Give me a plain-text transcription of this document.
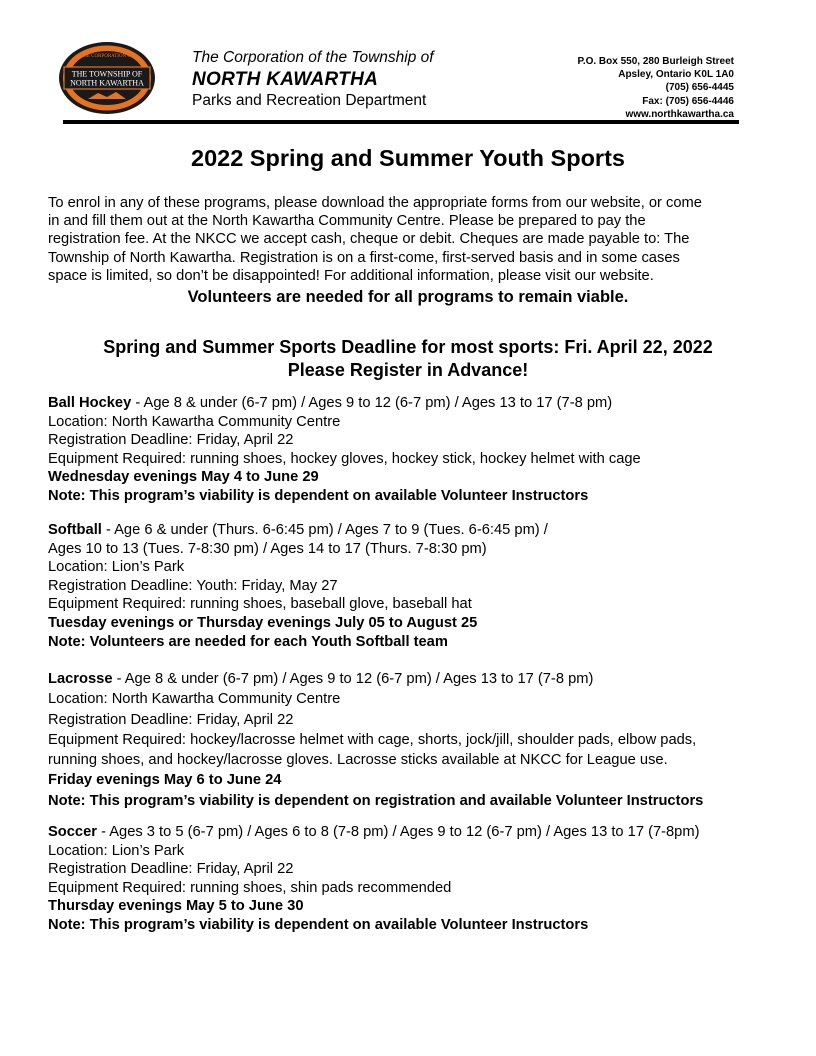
THE CORPORATION OF
THE TOWNSHIP OF
NORTH KAWARTHA
The Corporation of the Township of
NORTH KAWARTHA
Parks and Recreation Department
P.O. Box 550, 280 Burleigh Street
Apsley, Ontario K0L 1A0
(705) 656-4445
Fax: (705) 656-4446
www.northkawartha.ca
2022 Spring and Summer Youth Sports
To enrol in any of these programs, please download the appropriate forms from our website, or come
in and fill them out at the North Kawartha Community Centre. Please be prepared to pay the
registration fee. At the NKCC we accept cash, cheque or debit. Cheques are made payable to: The
Township of North Kawartha. Registration is on a first-come, first-served basis and in some cases
space is limited, so don’t be disappointed! For additional information, please visit our website.
Volunteers are needed for all programs to remain viable.
Spring and Summer Sports Deadline for most sports: Fri. April 22, 2022
Please Register in Advance!
Ball Hockey - Age 8 & under (6-7 pm) / Ages 9 to 12 (6-7 pm) / Ages 13 to 17 (7-8 pm)
Location: North Kawartha Community Centre
Registration Deadline: Friday, April 22
Equipment Required: running shoes, hockey gloves, hockey stick, hockey helmet with cage
Wednesday evenings May 4 to June 29
Note: This program’s viability is dependent on available Volunteer Instructors
Softball - Age 6 & under (Thurs. 6-6:45 pm) / Ages 7 to 9 (Tues. 6-6:45 pm) /
Ages 10 to 13 (Tues. 7-8:30 pm) / Ages 14 to 17 (Thurs. 7-8:30 pm)
Location: Lion’s Park
Registration Deadline: Youth: Friday, May 27
Equipment Required: running shoes, baseball glove, baseball hat
Tuesday evenings or Thursday evenings July 05 to August 25
Note: Volunteers are needed for each Youth Softball team
Lacrosse - Age 8 & under (6-7 pm) / Ages 9 to 12 (6-7 pm) / Ages 13 to 17 (7-8 pm)
Location: North Kawartha Community Centre
Registration Deadline: Friday, April 22
Equipment Required: hockey/lacrosse helmet with cage, shorts, jock/jill, shoulder pads, elbow pads,
running shoes, and hockey/lacrosse gloves. Lacrosse sticks available at NKCC for League use.
Friday evenings May 6 to June 24
Note: This program’s viability is dependent on registration and available Volunteer Instructors
Soccer - Ages 3 to 5 (6-7 pm) / Ages 6 to 8 (7-8 pm) / Ages 9 to 12 (6-7 pm) / Ages 13 to 17 (7-8pm)
Location: Lion’s Park
Registration Deadline: Friday, April 22
Equipment Required: running shoes, shin pads recommended
Thursday evenings May 5 to June 30
Note: This program’s viability is dependent on available Volunteer Instructors
